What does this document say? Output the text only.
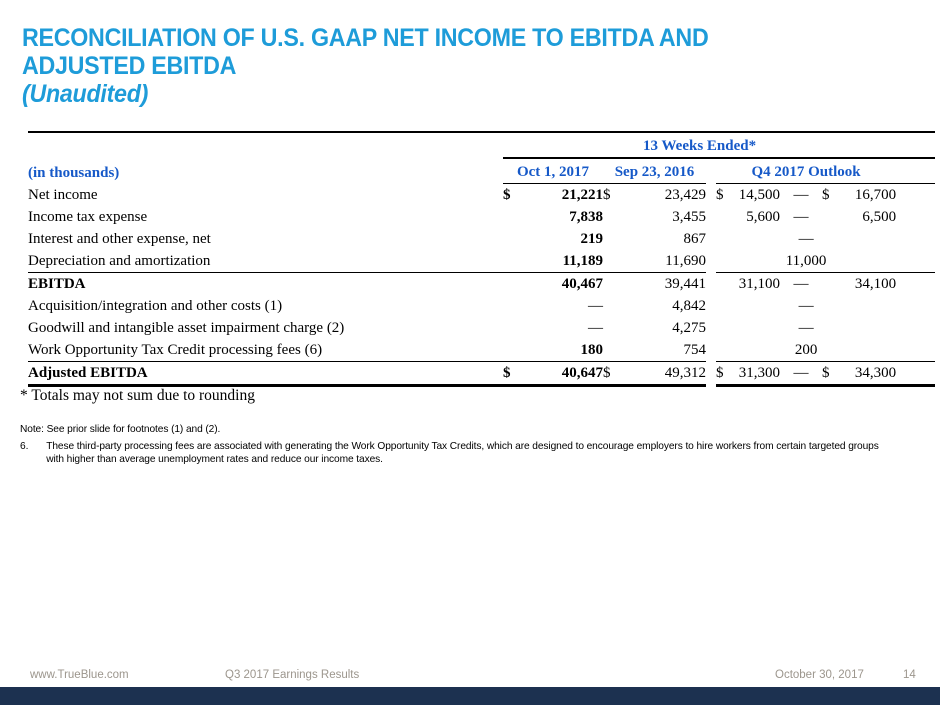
RECONCILIATION OF U.S. GAAP NET INCOME TO EBITDA AND
ADJUSTED EBITDA
(Unaudited)
	13 Weeks Ended*										
(in thousands)	Oct 1, 2017		Sep 23, 2016			Q4 2017 Outlook					
Net income	$	21,221	$	23,429		$	14,500	—	$	16,700	
Income tax expense		7,838		3,455			5,600	—		6,500	
Interest and other expense, net		219		867		—					
Depreciation and amortization		11,189		11,690		11,000					
EBITDA		40,467		39,441			31,100	—		34,100	
Acquisition/integration and other costs (1)		—		4,842		—					
Goodwill and intangible asset impairment charge (2)		—		4,275		—					
Work Opportunity Tax Credit processing fees (6)		180		754		200					
Adjusted EBITDA	$	40,647	$	49,312		$	31,300	—	$	34,300	
* Totals may not sum due to rounding
Note: See prior slide for footnotes (1) and (2).
6.	These third-party processing fees are associated with generating the Work Opportunity Tax Credits, which are designed to encourage employers to hire workers from certain targeted groups with higher than average unemployment rates and reduce our income taxes.
www.TrueBlue.com	Q3 2017 Earnings Results	October 30, 2017	14
